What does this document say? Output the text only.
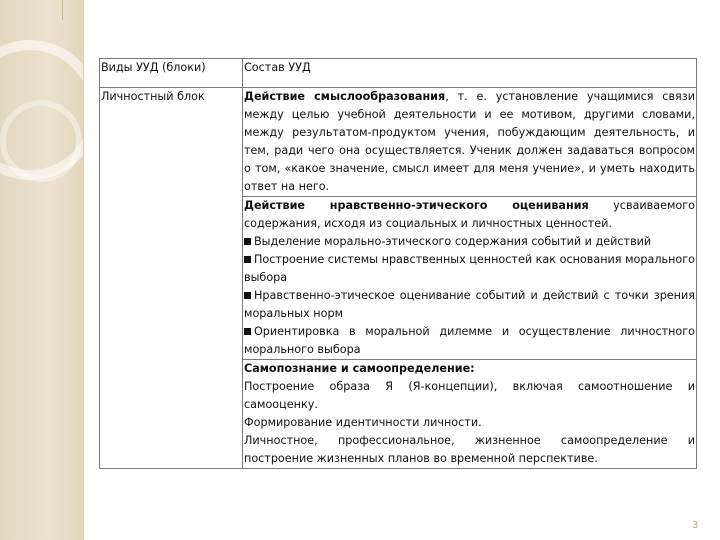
Виды УУД (блоки)	Состав УУД
Личностный блок	Действие смыслообразования, т. е. установление учащимися связи между целью учебной деятельности и ее мотивом, другими словами, между результатом-продуктом учения, побуждающим деятельность, и тем, ради чего она осуществляется. Ученик должен задаваться вопросом о том, «какое значение, смысл имеет для меня учение», и уметь находить ответ на него.
	Действие нравственно-этического оценивания усваиваемого содержания, исходя из социальных и личностных ценностей.
Выделение морально-этического содержания событий и действий
Построение системы нравственных ценностей как основания морального выбора
Нравственно-этическое оценивание событий и действий с точки зрения моральных норм
Ориентировка в моральной дилемме и осуществление личностного морального выбора

	Самопознание и самоопределение:
Построение образа Я (Я-концепции), включая самоотношение и самооценку.
Формирование идентичности личности.
Личностное, профессиональное, жизненное самоопределение и построение жизненных планов во временной перспективе.
3
